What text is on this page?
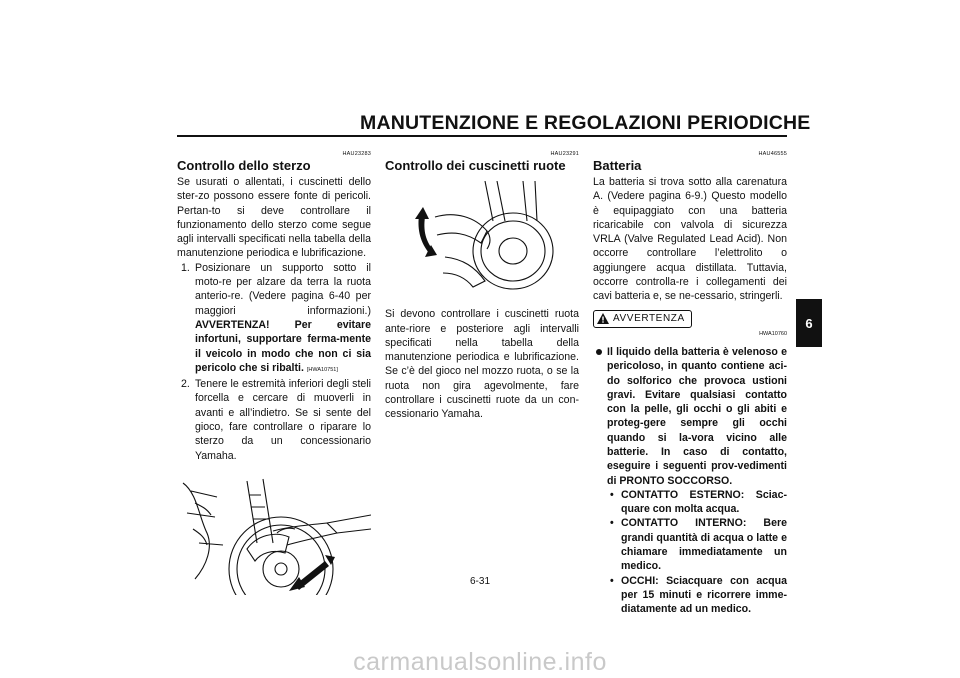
MANUTENZIONE E REGOLAZIONI PERIODICHE
HAU23283
Controllo dello sterzo

Se usurati o allentati, i cuscinetti dello ster-zo possono essere fonte di pericoli. Pertan-to si deve controllare il funzionamento dello sterzo come segue agli intervalli specificati nella tabella della manutenzione periodica e lubrificazione.

1. Posizionare un supporto sotto il moto-re per alzare da terra la ruota anterio-re. (Vedere pagina 6-40 per maggiori informazioni.) AVVERTENZA! Per evitare infortuni, supportare ferma-mente il veicolo in modo che non ci sia pericolo che si ribalti. [HWA10751]
2. Tenere le estremità inferiori degli steli forcella e cercare di muoverli in avanti e all’indietro. Se si sente del gioco, fare controllare o riparare lo sterzo da un concessionario Yamaha.
HAU23291
Controllo dei cuscinetti ruote

Si devono controllare i cuscinetti ruota ante-riore e posteriore agli intervalli specificati nella tabella della manutenzione periodica e lubrificazione. Se c’è del gioco nel mozzo ruota, o se la ruota non gira agevolmente, fare controllare i cuscinetti ruote da un con-cessionario Yamaha.

HAU46555
Batteria

La batteria si trova sotto alla carenatura A. (Vedere pagina 6-9.) Questo modello è equipaggiato con una batteria ricaricabile con valvola di sicurezza VRLA (Valve Regulated Lead Acid). Non occorre controllare l’elettrolito o aggiungere acqua distillata. Tuttavia, occorre controlla-re i collegamenti dei cavi batteria e, se ne-cessario, stringerli.

AVVERTENZA
HWA10760
Il liquido della batteria è velenoso e pericoloso, in quanto contiene aci-do solforico che provoca ustioni gravi. Evitare qualsiasi contatto con la pelle, gli occhi o gli abiti e proteg-gere sempre gli occhi quando si la-vora vicino alle batterie. In caso di contatto, eseguire i seguenti prov-vedimenti di PRONTO SOCCORSO.
• CONTATTO ESTERNO: Sciac-quare con molta acqua.
• CONTATTO INTERNO: Bere grandi quantità di acqua o latte e chiamare immediatamente un medico.
• OCCHI: Sciacquare con acqua per 15 minuti e ricorrere imme-diatamente ad un medico.
6
6-31
carmanualsonline.info
